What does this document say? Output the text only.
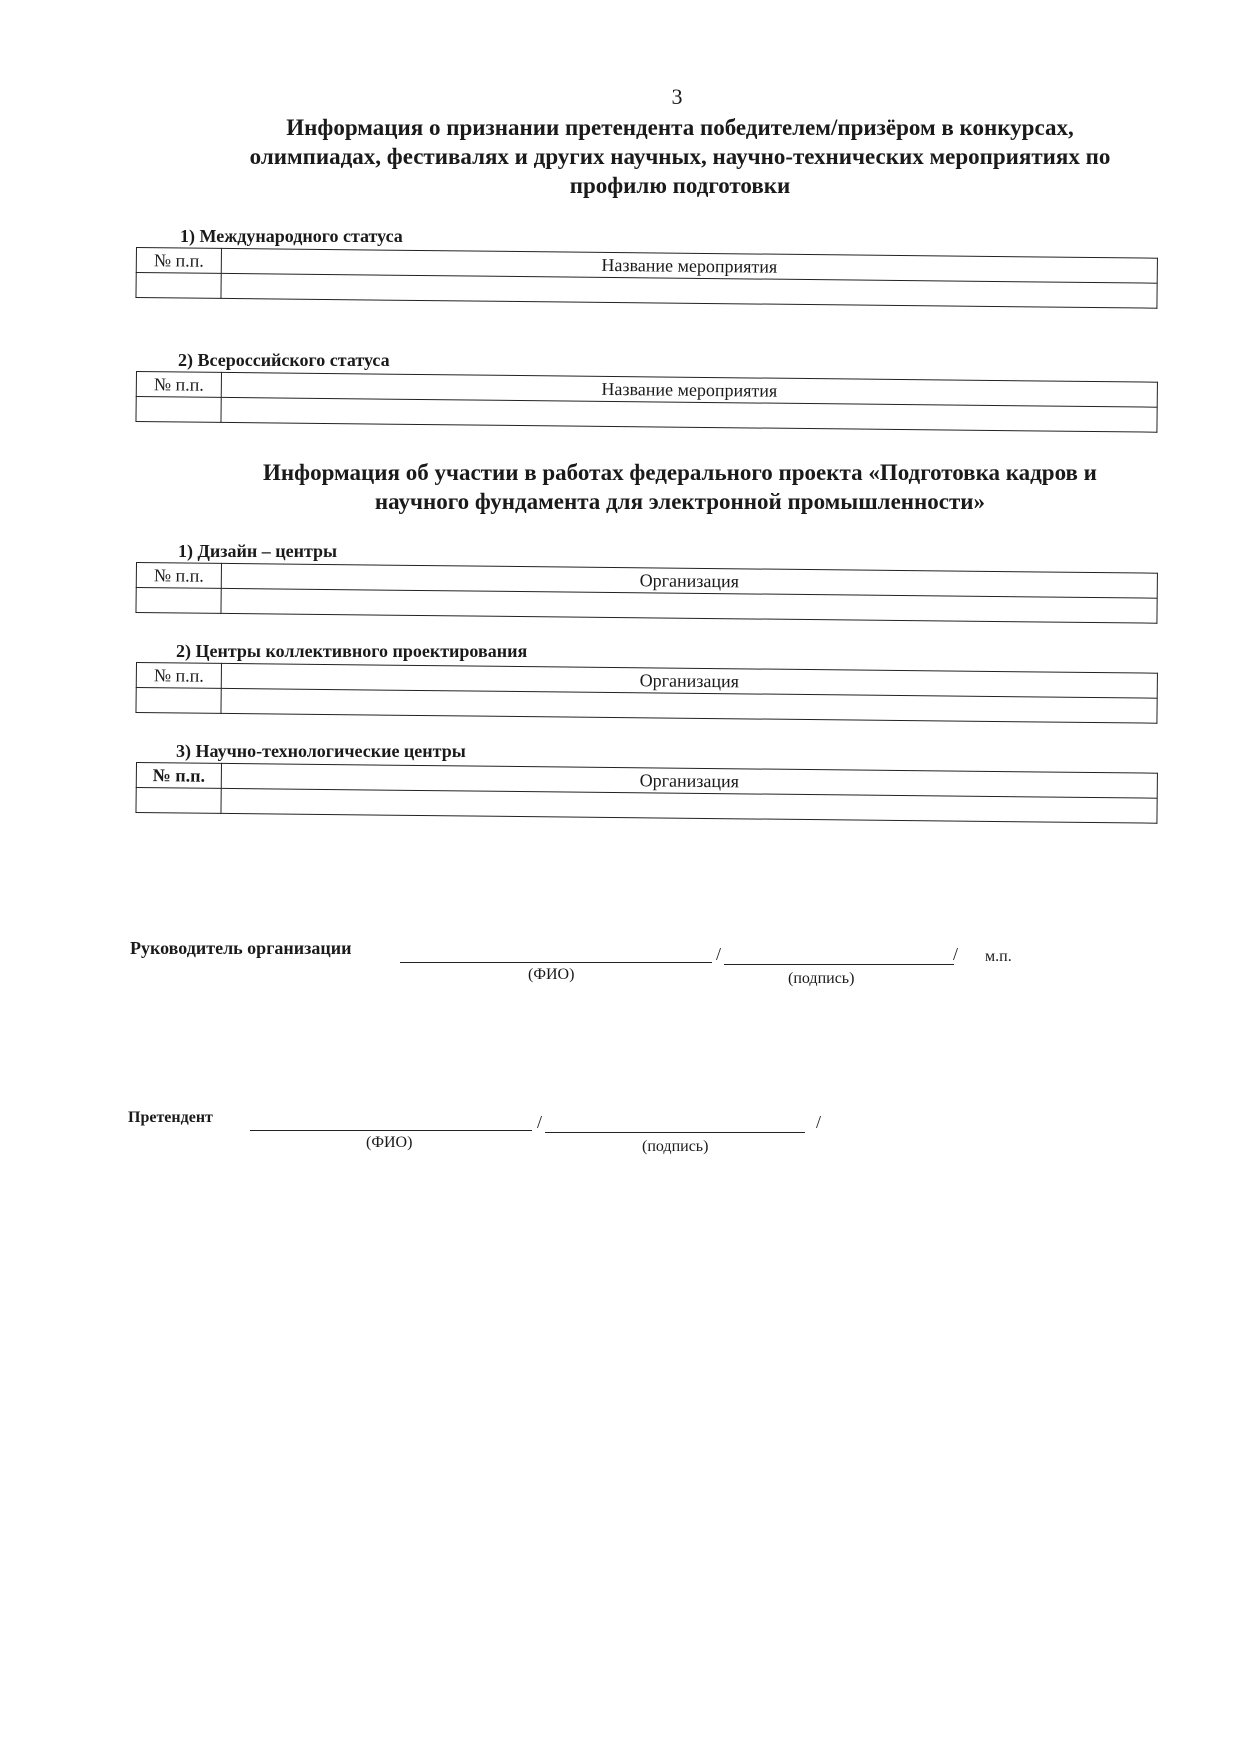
3
Информация о признании претендента победителем/призёром в конкурсах,
олимпиадах, фестивалях и других научных, научно-технических мероприятиях по
профилю подготовки
1) Международного статуса
№ п.п.	Название мероприятия

2) Всероссийского статуса
№ п.п.	Название мероприятия

Информация об участии в работах федерального проекта «Подготовка кадров и
научного фундамента для электронной промышленности»
1) Дизайн – центры
№ п.п.	Организация

2) Центры коллективного проектирования
№ п.п.	Организация

3) Научно-технологические центры
№ п.п.	Организация

Руководитель организации	/	/
(ФИО)	(подпись)
м.п.
Претендент	/	/
(ФИО)	(подпись)
